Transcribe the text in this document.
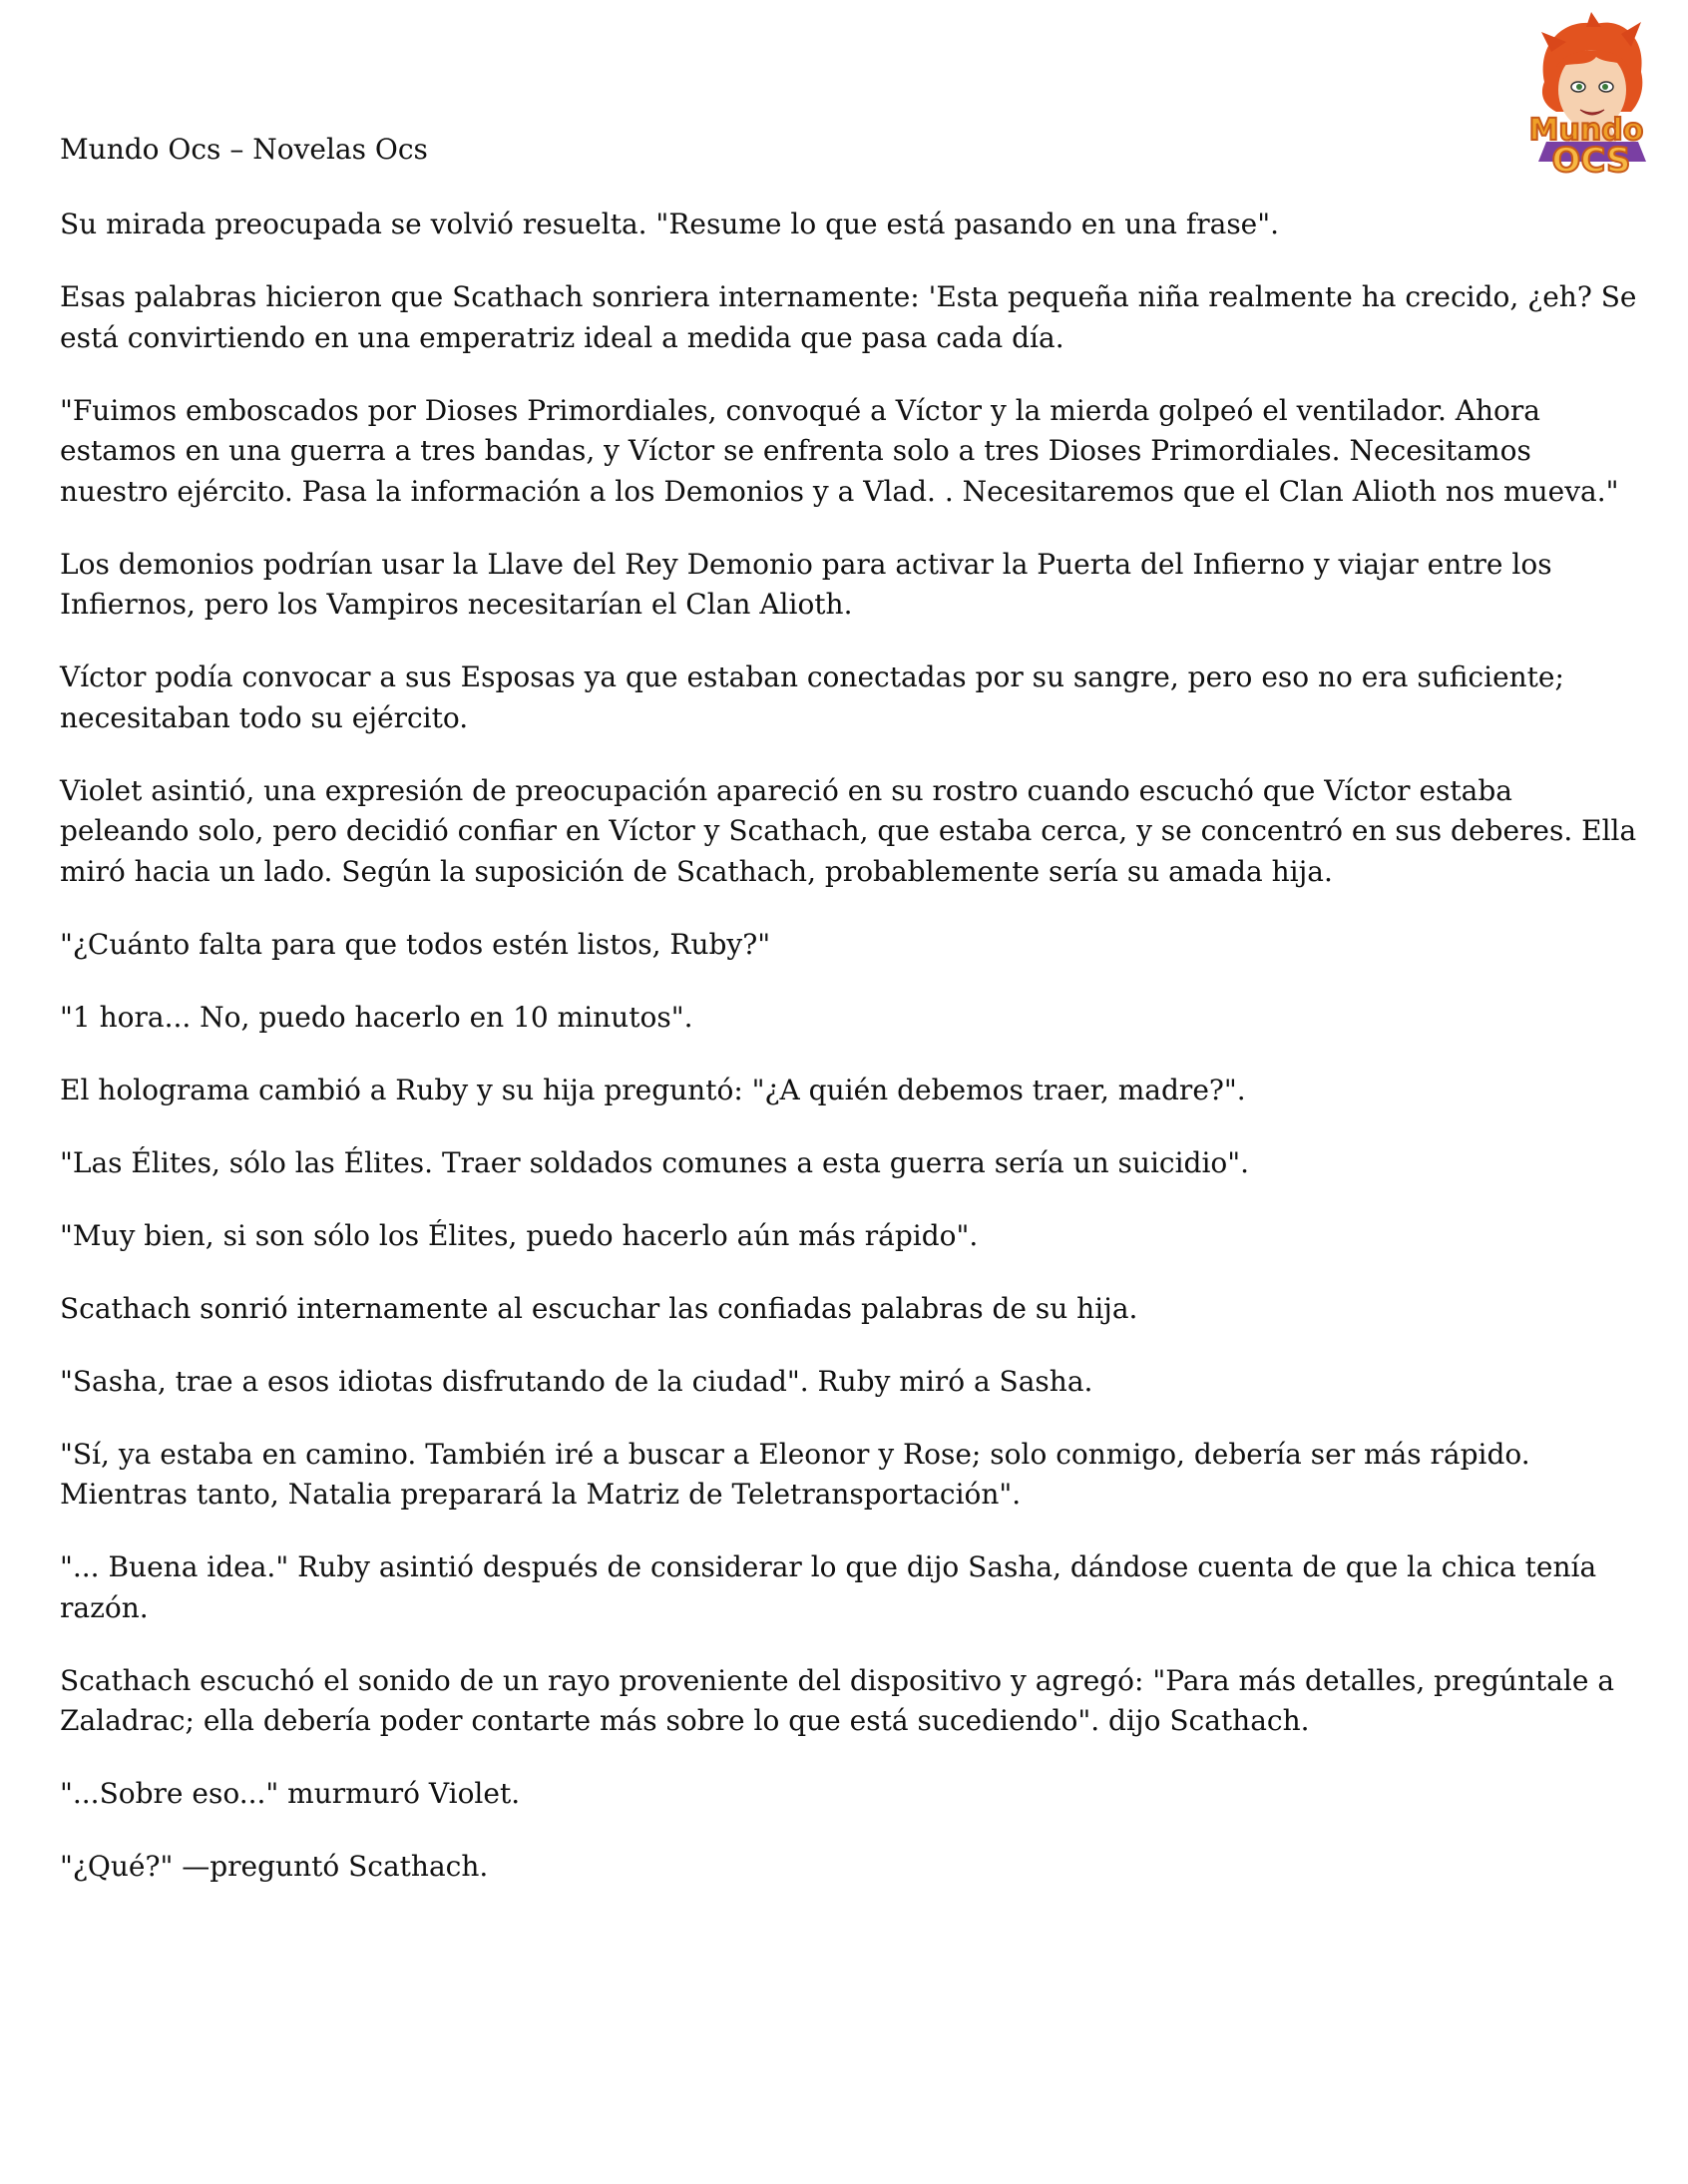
Mundo
OCS
Mundo Ocs – Novelas Ocs

Su mirada preocupada se volvió resuelta. "Resume lo que está pasando en una frase".

Esas palabras hicieron que Scathach sonriera internamente: 'Esta pequeña niña realmente ha crecido, ¿eh? Se está convirtiendo en una emperatriz ideal a medida que pasa cada día.

"Fuimos emboscados por Dioses Primordiales, convoqué a Víctor y la mierda golpeó el ventilador. Ahora estamos en una guerra a tres bandas, y Víctor se enfrenta solo a tres Dioses Primordiales. Necesitamos nuestro ejército. Pasa la información a los Demonios y a Vlad. . Necesitaremos que el Clan Alioth nos mueva."

Los demonios podrían usar la Llave del Rey Demonio para activar la Puerta del Infierno y viajar entre los Infiernos, pero los Vampiros necesitarían el Clan Alioth.

Víctor podía convocar a sus Esposas ya que estaban conectadas por su sangre, pero eso no era suficiente; necesitaban todo su ejército.

Violet asintió, una expresión de preocupación apareció en su rostro cuando escuchó que Víctor estaba peleando solo, pero decidió confiar en Víctor y Scathach, que estaba cerca, y se concentró en sus deberes. Ella miró hacia un lado. Según la suposición de Scathach, probablemente sería su amada hija.

"¿Cuánto falta para que todos estén listos, Ruby?"

"1 hora... No, puedo hacerlo en 10 minutos".

El holograma cambió a Ruby y su hija preguntó: "¿A quién debemos traer, madre?".

"Las Élites, sólo las Élites. Traer soldados comunes a esta guerra sería un suicidio".

"Muy bien, si son sólo los Élites, puedo hacerlo aún más rápido".

Scathach sonrió internamente al escuchar las confiadas palabras de su hija.

"Sasha, trae a esos idiotas disfrutando de la ciudad". Ruby miró a Sasha.

"Sí, ya estaba en camino. También iré a buscar a Eleonor y Rose; solo conmigo, debería ser más rápido. Mientras tanto, Natalia preparará la Matriz de Teletransportación".

"... Buena idea." Ruby asintió después de considerar lo que dijo Sasha, dándose cuenta de que la chica tenía razón.

Scathach escuchó el sonido de un rayo proveniente del dispositivo y agregó: "Para más detalles, pregúntale a Zaladrac; ella debería poder contarte más sobre lo que está sucediendo". dijo Scathach.

"...Sobre eso..." murmuró Violet.

"¿Qué?" —preguntó Scathach.
